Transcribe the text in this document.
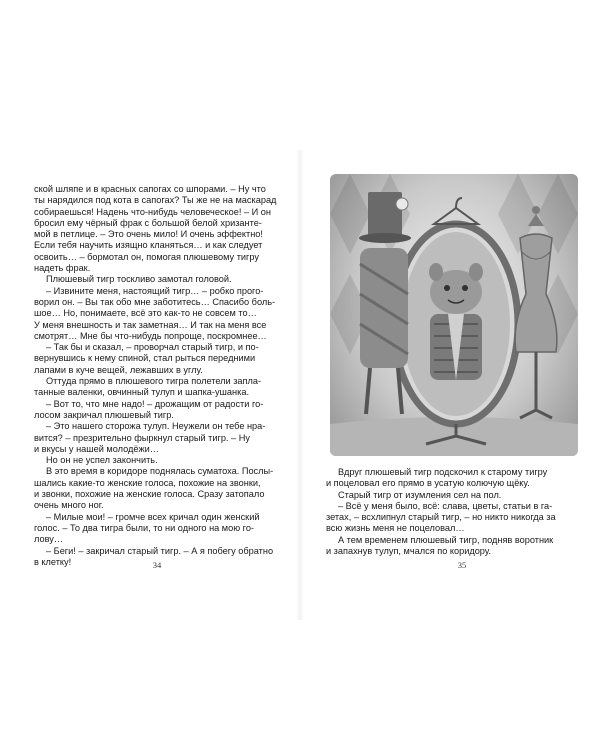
ской шляпе и в красных сапогах со шпорами. – Ну что
ты нарядился под кота в сапогах? Ты же не на маскарад
собираешься! Надень что-нибудь человеческое! – И он
бросил ему чёрный фрак с большой белой хризанте-
мой в петлице. – Это очень мило! И очень эффектно!
Если тебя научить изящно кланяться… и как следует
освоить… – бормотал он, помогая плюшевому тигру
надеть фрак.
Плюшевый тигр тоскливо замотал головой.
– Извините меня, настоящий тигр… – робко прого-
ворил он. – Вы так обо мне заботитесь… Спасибо боль-
шое… Но, понимаете, всё это как-то не совсем то…
У меня внешность и так заметная… И так на меня все
смотрят… Мне бы что-нибудь попроще, поскромнее…
– Так бы и сказал, – проворчал старый тигр, и по-
вернувшись к нему спиной, стал рыться передними
лапами в куче вещей, лежавших в углу.
Оттуда прямо в плюшевого тигра полетели запла-
танные валенки, овчинный тулуп и шапка-ушанка.
– Вот то, что мне надо! – дрожащим от радости го-
лосом закричал плюшевый тигр.
– Это нашего сторожа тулуп. Неужели он тебе нра-
вится? – презрительно фыркнул старый тигр. – Ну
и вкусы у нашей молодёжи…
Но он не успел закончить.
В это время в коридоре поднялась суматоха. Послы-
шались какие-то женские голоса, похожие на звонки,
и звонки, похожие на женские голоса. Сразу затопало
очень много ног.
– Милые мои! – громче всех кричал один женский
голос. – То два тигра были, то ни одного на мою го-
лову…
– Беги! – закричал старый тигр. – А я побегу обратно
в клетку!	34
Вдруг плюшевый тигр подскочил к старому тигру
и поцеловал его прямо в усатую колючую щёку.
Старый тигр от изумления сел на пол.
– Всё у меня было, всё: слава, цветы, статьи в га-
зетах, – всхлипнул старый тигр, – но никто никогда за
всю жизнь меня не поцеловал…
А тем временем плюшевый тигр, подняв воротник
и запахнув тулуп, мчался по коридору.
35
